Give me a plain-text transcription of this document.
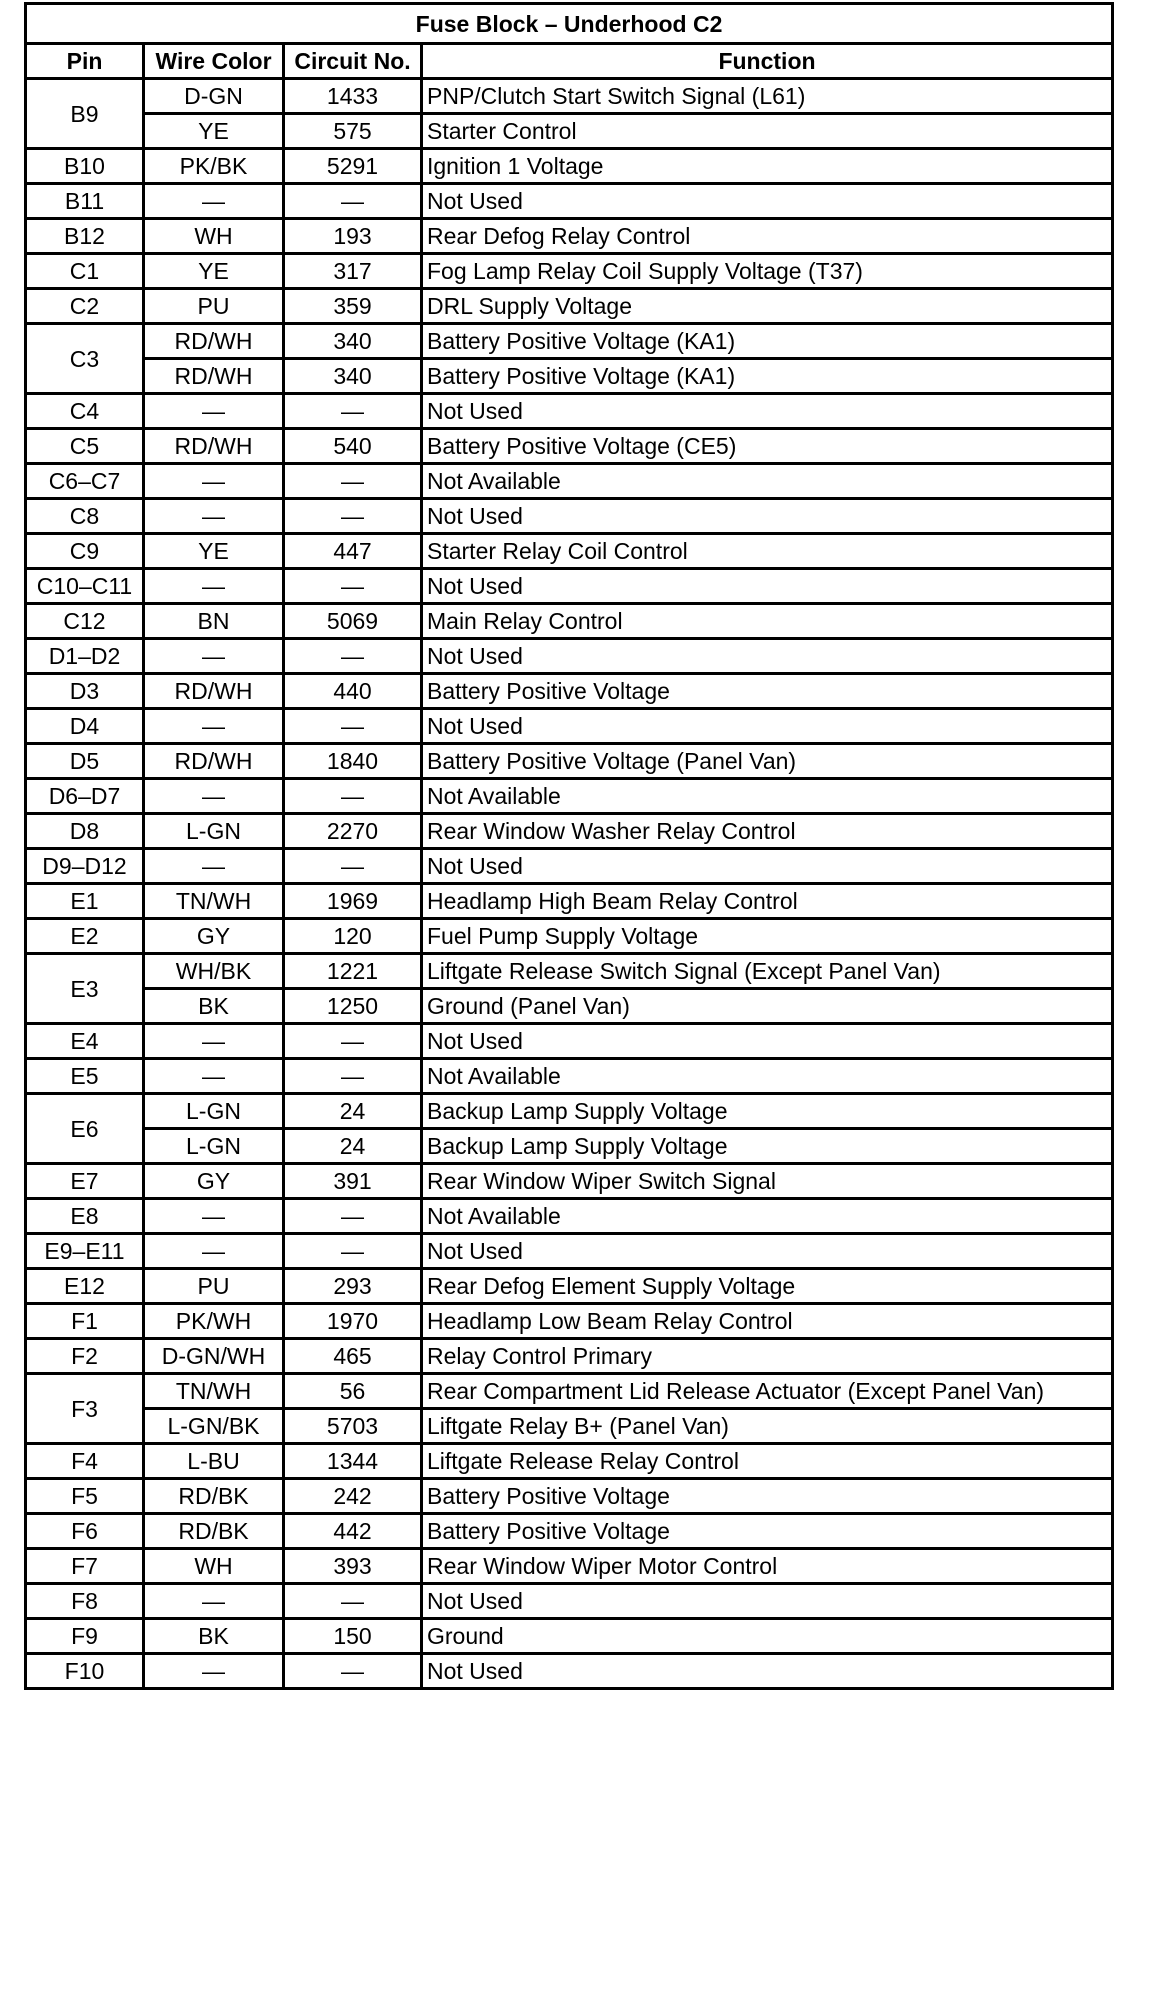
Fuse Block – Underhood C2			
Pin	Wire Color	Circuit No.	Function
B9	D-GN	1433	PNP/Clutch Start Switch Signal (L61)
	YE	575	Starter Control
B10	PK/BK	5291	Ignition 1 Voltage
B11	—	—	Not Used
B12	WH	193	Rear Defog Relay Control
C1	YE	317	Fog Lamp Relay Coil Supply Voltage (T37)
C2	PU	359	DRL Supply Voltage
C3	RD/WH	340	Battery Positive Voltage (KA1)
	RD/WH	340	Battery Positive Voltage (KA1)
C4	—	—	Not Used
C5	RD/WH	540	Battery Positive Voltage (CE5)
C6–C7	—	—	Not Available
C8	—	—	Not Used
C9	YE	447	Starter Relay Coil Control
C10–C11	—	—	Not Used
C12	BN	5069	Main Relay Control
D1–D2	—	—	Not Used
D3	RD/WH	440	Battery Positive Voltage
D4	—	—	Not Used
D5	RD/WH	1840	Battery Positive Voltage (Panel Van)
D6–D7	—	—	Not Available
D8	L-GN	2270	Rear Window Washer Relay Control
D9–D12	—	—	Not Used
E1	TN/WH	1969	Headlamp High Beam Relay Control
E2	GY	120	Fuel Pump Supply Voltage
E3	WH/BK	1221	Liftgate Release Switch Signal (Except Panel Van)
	BK	1250	Ground (Panel Van)
E4	—	—	Not Used
E5	—	—	Not Available
E6	L-GN	24	Backup Lamp Supply Voltage
	L-GN	24	Backup Lamp Supply Voltage
E7	GY	391	Rear Window Wiper Switch Signal
E8	—	—	Not Available
E9–E11	—	—	Not Used
E12	PU	293	Rear Defog Element Supply Voltage
F1	PK/WH	1970	Headlamp Low Beam Relay Control
F2	D-GN/WH	465	Relay Control Primary
F3	TN/WH	56	Rear Compartment Lid Release Actuator (Except Panel Van)
	L-GN/BK	5703	Liftgate Relay B+ (Panel Van)
F4	L-BU	1344	Liftgate Release Relay Control
F5	RD/BK	242	Battery Positive Voltage
F6	RD/BK	442	Battery Positive Voltage
F7	WH	393	Rear Window Wiper Motor Control
F8	—	—	Not Used
F9	BK	150	Ground
F10	—	—	Not Used
